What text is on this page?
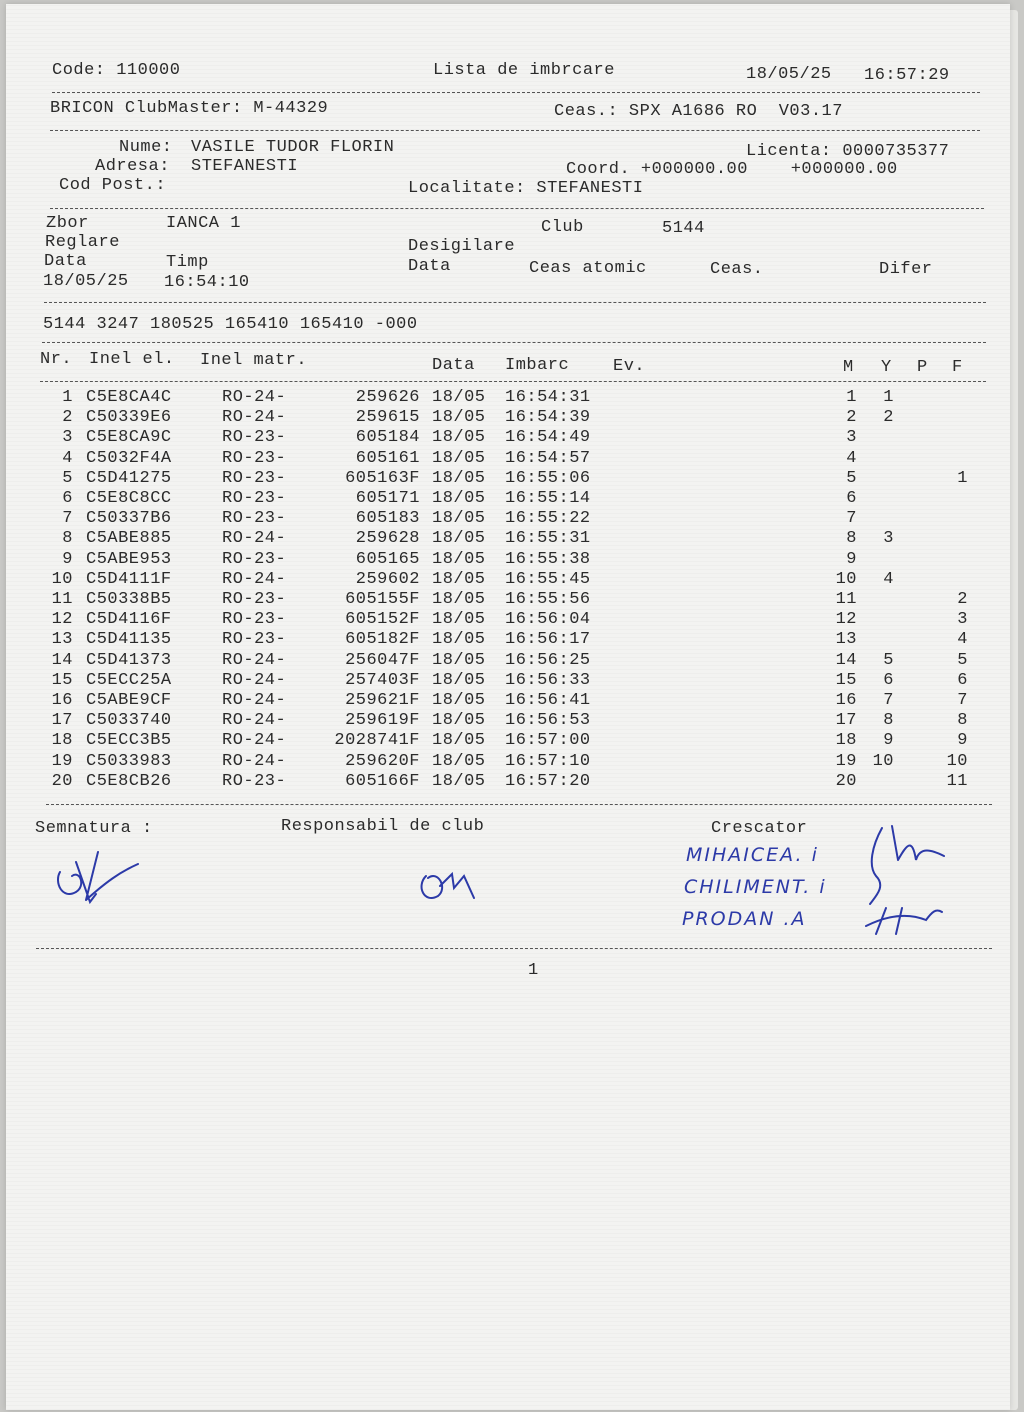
Code: 110000	Lista de imbrcare	18/05/25 16:57:29
BRICON ClubMaster: M-44329	Ceas.: SPX A1686 RO  V03.17
Nume: VASILE TUDOR FLORIN
Adresa: STEFANESTI
Cod Post.:
Licenta: 0000735377
Coord. +000000.00    +000000.00
Localitate: STEFANESTI
Zbor	IANCA 1	Club	5144
Reglare	Desigilare
Data	Timp	Data	Ceas atomic	Ceas.	Difer
18/05/25 16:54:10
5144 3247 180525 165410 165410 -000
Nr. Inel el. Inel matr.	Data Imbarc	Ev.	M Y P F
1 C5E8CA4C	RO-24-	259626 18/05 16:54:31	1 1
2 C50339E6	RO-24-	259615 18/05 16:54:39	2 2
3 C5E8CA9C	RO-23-	605184 18/05 16:54:49	3
4 C5032F4A	RO-23-	605161 18/05 16:54:57	4
5 C5D41275	RO-23-	605163F 18/05 16:55:06	5	1
6 C5E8C8CC	RO-23-	605171 18/05 16:55:14	6
7 C50337B6	RO-23-	605183 18/05 16:55:22	7
8 C5ABE885	RO-24-	259628 18/05 16:55:31	8 3
9 C5ABE953	RO-23-	605165 18/05 16:55:38	9
10 C5D4111F	RO-24-	259602 18/05 16:55:45	10 4
11 C50338B5	RO-23-	605155F 18/05 16:55:56	11	2
12 C5D4116F	RO-23-	605152F 18/05 16:56:04	12	3
13 C5D41135	RO-23-	605182F 18/05 16:56:17	13	4
14 C5D41373	RO-24-	256047F 18/05 16:56:25	14 5	5
15 C5ECC25A	RO-24-	257403F 18/05 16:56:33	15 6	6
16 C5ABE9CF	RO-24-	259621F 18/05 16:56:41	16 7	7
17 C5033740	RO-24-	259619F 18/05 16:56:53	17 8	8
18 C5ECC3B5	RO-24-	2028741F 18/05 16:57:00	18 9	9
19 C5033983	RO-24-	259620F 18/05 16:57:10	19 10	10
20 C5E8CB26	RO-23-	605166F 18/05 16:57:20	20	11
Semnatura :	Responsabil de club	Crescator
MIHAICEA. i
CHILIMENT. i
PRODAN .A
1
